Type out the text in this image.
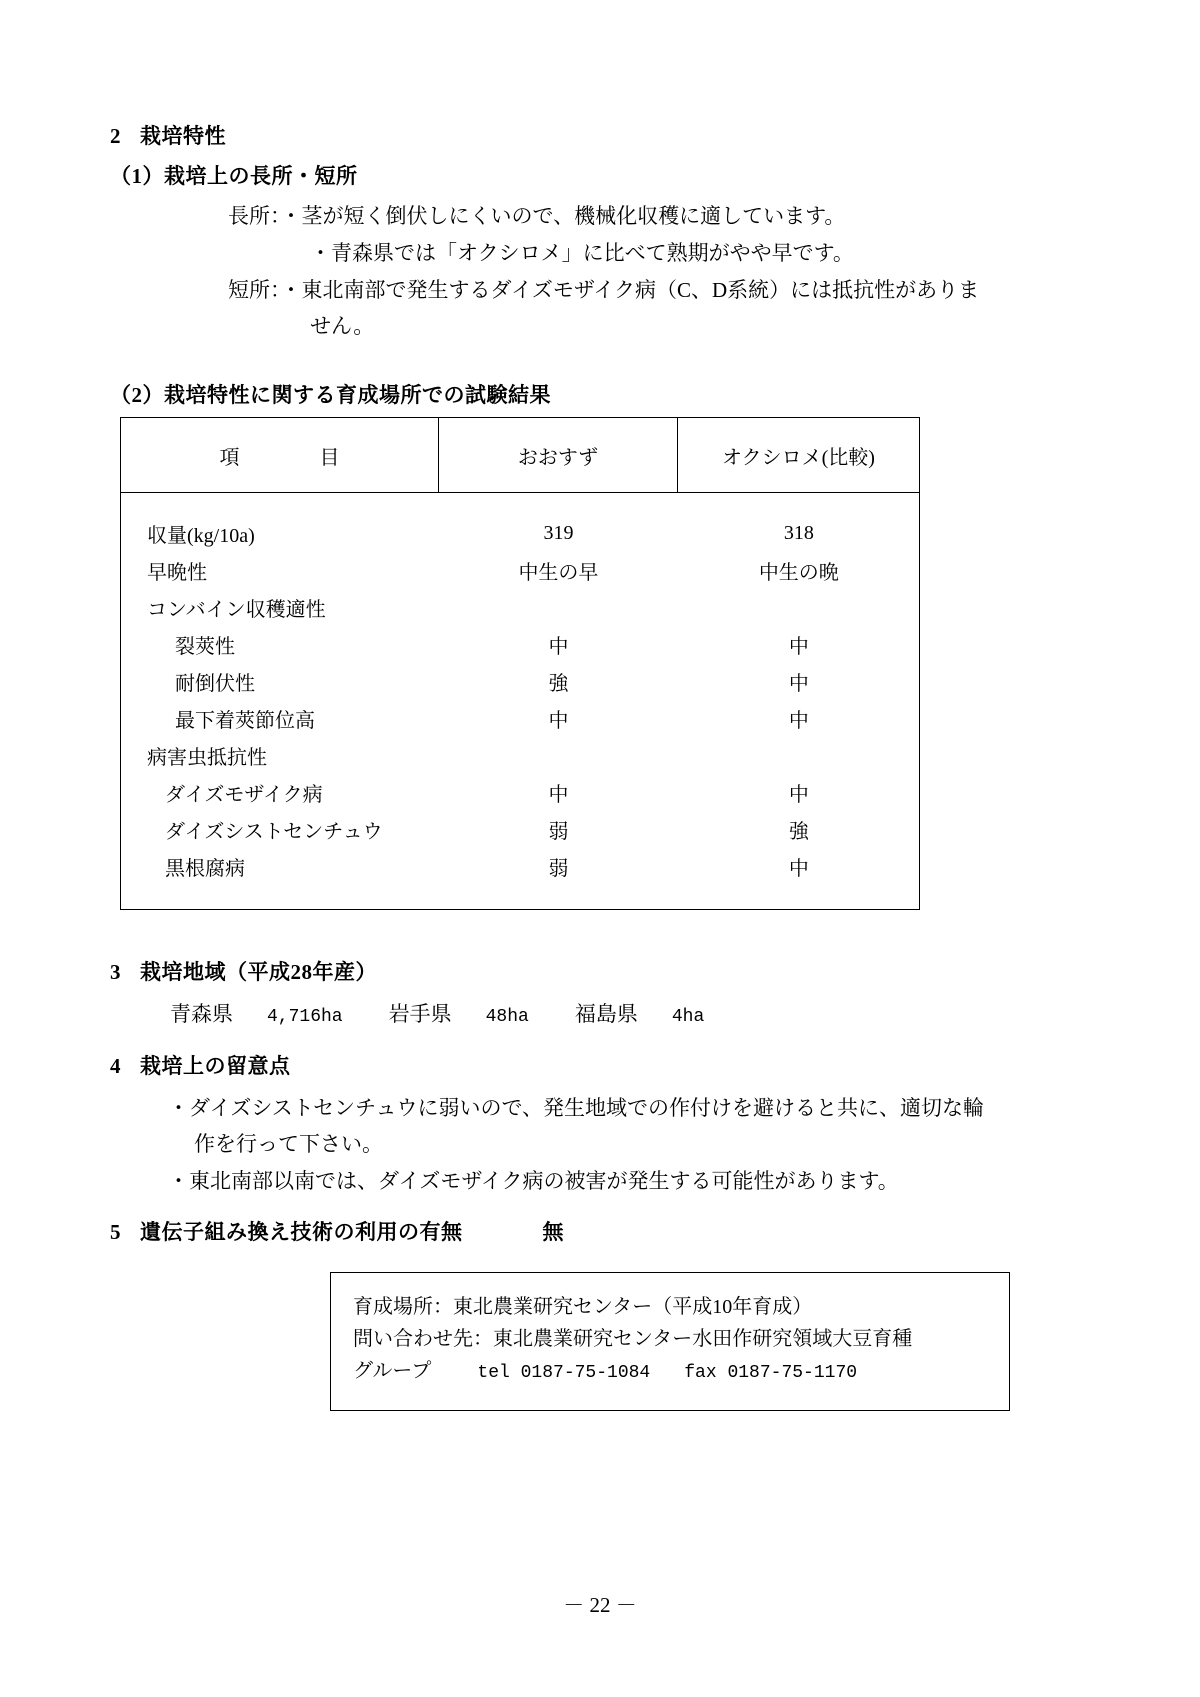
2 栽培特性
（1）栽培上の長所・短所
長所：・茎が短く倒伏しにくいので、機械化収穫に適しています。
・青森県では「オクシロメ」に比べて熟期がやや早です。
短所：・東北南部で発生するダイズモザイク病（C、D系統）には抵抗性がありま
せん。
（2）栽培特性に関する育成場所での試験結果
項　　　　目	おおすず	オクシロメ(比較)
収量(kg/10a)	319	318
早晩性	中生の早	中生の晩
コンバイン収穫適性
裂莢性	中	中
耐倒伏性	強	中
最下着莢節位高	中	中
病害虫抵抗性
ダイズモザイク病	中	中
ダイズシストセンチュウ	弱	強
黒根腐病	弱	中
3 栽培地域（平成28年産）
青森県 4,716ha 岩手県 48ha 福島県 4ha
4 栽培上の留意点
・ダイズシストセンチュウに弱いので、発生地域での作付けを避けると共に、適切な輪
作を行って下さい。
・東北南部以南では、ダイズモザイク病の被害が発生する可能性があります。
5 遺伝子組み換え技術の利用の有無	無
育成場所：東北農業研究センター（平成10年育成）
問い合わせ先：東北農業研究センター水田作研究領域大豆育種
グループ	tel 0187-75-1084 fax 0187-75-1170
－ 22 －
